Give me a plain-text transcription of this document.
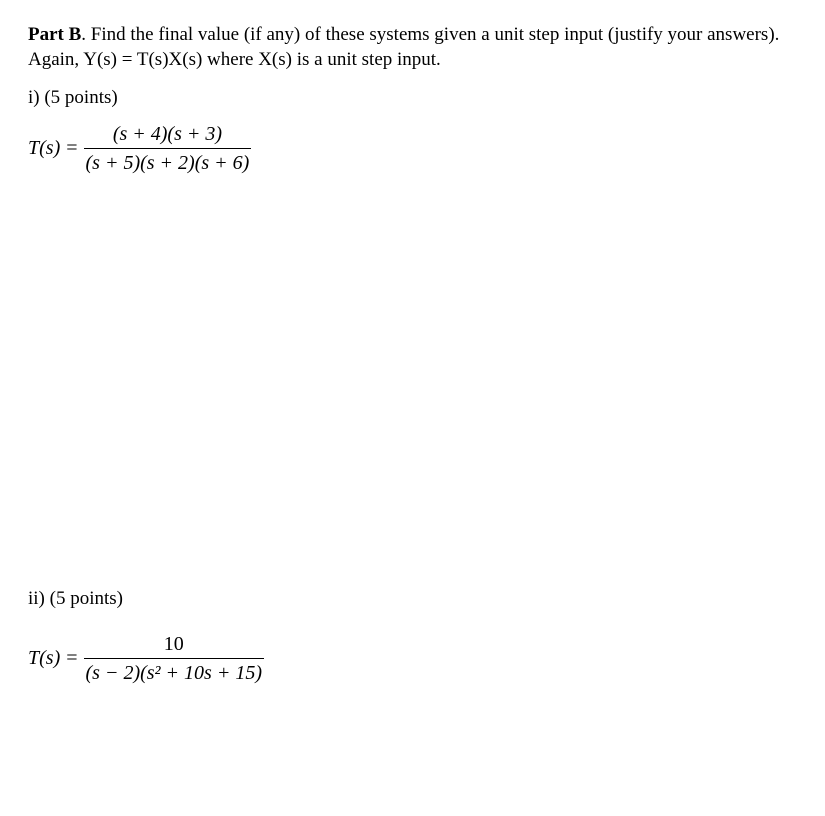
Part B. Find the final value (if any) of these systems given a unit step input (justify your answers).
Again, Y(s) = T(s)X(s) where X(s) is a unit step input.
i) (5 points)
$T(s) = \frac{(s + 4)(s + 3)}{(s + 5)(s + 2)(s + 6)}$
ii) (5 points)
$T(s) = \frac{10}{\text{(s − 2)(s² + 10s + 15)}}$
